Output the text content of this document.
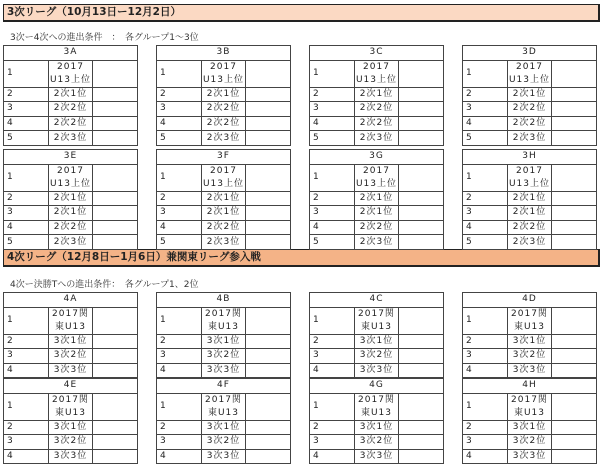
3次リーグ（10月13日ー12月2日）
3次ー4次への進出条件　：　各グループ1～3位
4次リーグ（12月8日ー1月6日）兼関東リーグ参入戦
4次ー決勝Tへの進出条件：　各グループ1、2位
3A		
1	2017　U13上位	
2	2次1位	
3	2次2位	
4	2次2位	
5	2次3位	
3B		
1	2017　U13上位	
2	2次1位	
3	2次2位	
4	2次2位	
5	2次3位	
3C		
1	2017　U13上位	
2	2次1位	
3	2次2位	
4	2次2位	
5	2次3位	
3D		
1	2017　U13上位	
2	2次1位	
3	2次2位	
4	2次2位	
5	2次3位	
3E		
1	2017　U13上位	
2	2次1位	
3	2次1位	
4	2次2位	
5	2次3位	
3F		
1	2017　U13上位	
2	2次1位	
3	2次1位	
4	2次2位	
5	2次3位	
3G		
1	2017　U13上位	
2	2次1位	
3	2次1位	
4	2次2位	
5	2次3位	
3H		
1	2017　U13上位	
2	2次1位	
3	2次1位	
4	2次2位	
5	2次3位	
4A		
1	2017関東U13	
2	3次1位	
3	3次2位	
4	3次3位	
4B		
1	2017関東U13	
2	3次1位	
3	3次2位	
4	3次3位	
4C		
1	2017関東U13	
2	3次1位	
3	3次2位	
4	3次3位	
4D		
1	2017関東U13	
2	3次1位	
3	3次2位	
4	3次3位	
4E		
1	2017関東U13	
2	3次1位	
3	3次2位	
4	3次3位	
4F		
1	2017関東U13	
2	3次1位	
3	3次2位	
4	3次3位	
4G		
1	2017関東U13	
2	3次1位	
3	3次2位	
4	3次3位	
4H		
1	2017関東U13	
2	3次1位	
3	3次2位	
4	3次3位	
